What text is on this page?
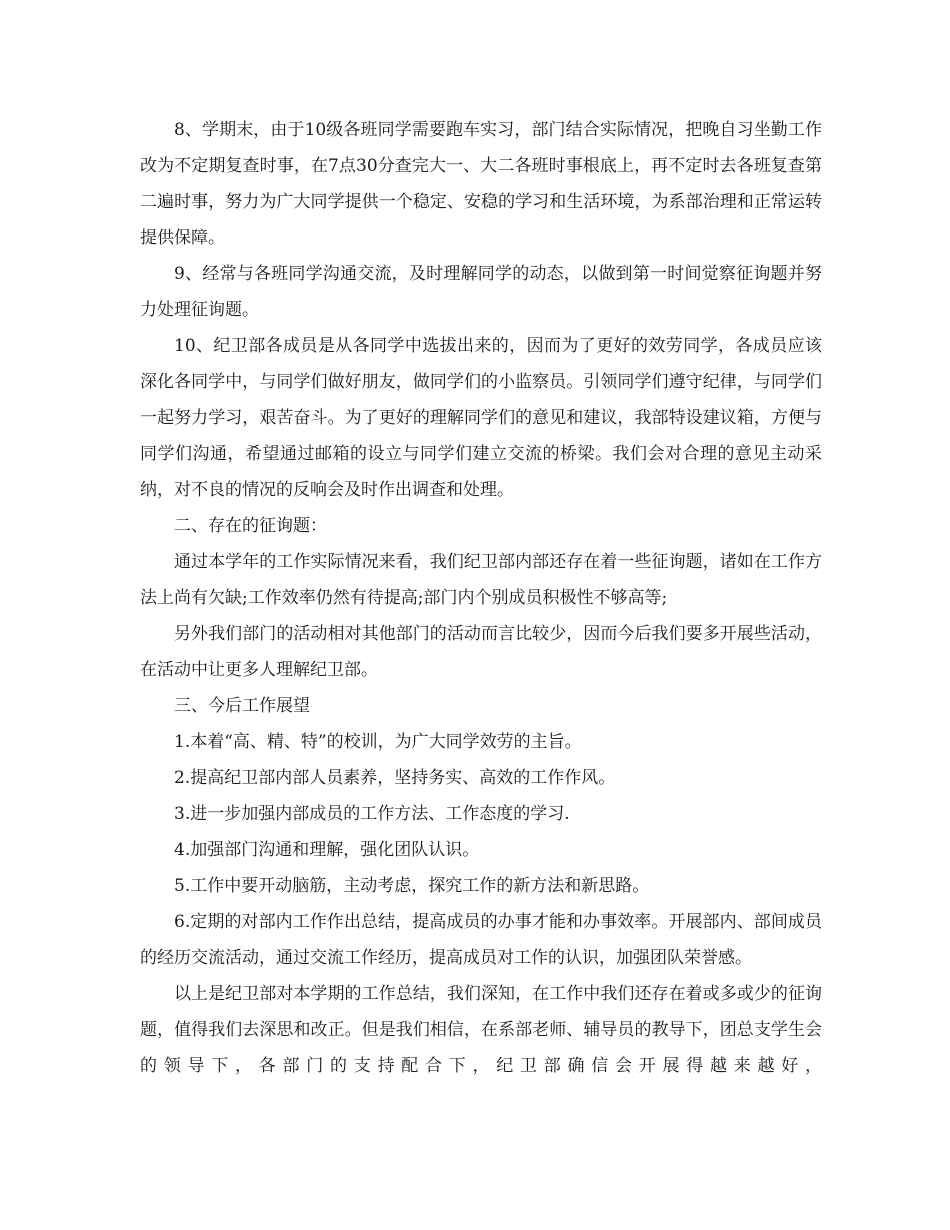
8、学期末，由于10级各班同学需要跑车实习，部门结合实际情况，把晚自习坐勤工作改为不定期复查时事，在7点30分查完大一、大二各班时事根底上，再不定时去各班复查第二遍时事，努力为广大同学提供一个稳定、安稳的学习和生活环境，为系部治理和正常运转提供保障。

9、经常与各班同学沟通交流，及时理解同学的动态，以做到第一时间觉察征询题并努力处理征询题。

10、纪卫部各成员是从各同学中选拔出来的，因而为了更好的效劳同学，各成员应该深化各同学中，与同学们做好朋友，做同学们的小监察员。引领同学们遵守纪律，与同学们一起努力学习，艰苦奋斗。为了更好的理解同学们的意见和建议，我部特设建议箱，方便与同学们沟通，希望通过邮箱的设立与同学们建立交流的桥梁。我们会对合理的意见主动采纳，对不良的情况的反响会及时作出调查和处理。

二、存在的征询题：

通过本学年的工作实际情况来看，我们纪卫部内部还存在着一些征询题，诸如在工作方法上尚有欠缺;工作效率仍然有待提高;部门内个别成员积极性不够高等;

另外我们部门的活动相对其他部门的活动而言比较少，因而今后我们要多开展些活动，在活动中让更多人理解纪卫部。

三、今后工作展望

1.本着“高、精、特”的校训，为广大同学效劳的主旨。

2.提高纪卫部内部人员素养，坚持务实、高效的工作作风。

3.进一步加强内部成员的工作方法、工作态度的学习.

4.加强部门沟通和理解，强化团队认识。

5.工作中要开动脑筋，主动考虑，探究工作的新方法和新思路。

6.定期的对部内工作作出总结，提高成员的办事才能和办事效率。开展部内、部间成员的经历交流活动，通过交流工作经历，提高成员对工作的认识，加强团队荣誉感。

以上是纪卫部对本学期的工作总结，我们深知，在工作中我们还存在着或多或少的征询题，值得我们去深思和改正。但是我们相信，在系部老师、辅导员的教导下，团总支学生会的领导下，各部门的支持配合下，纪卫部确信会开展得越来越好，
